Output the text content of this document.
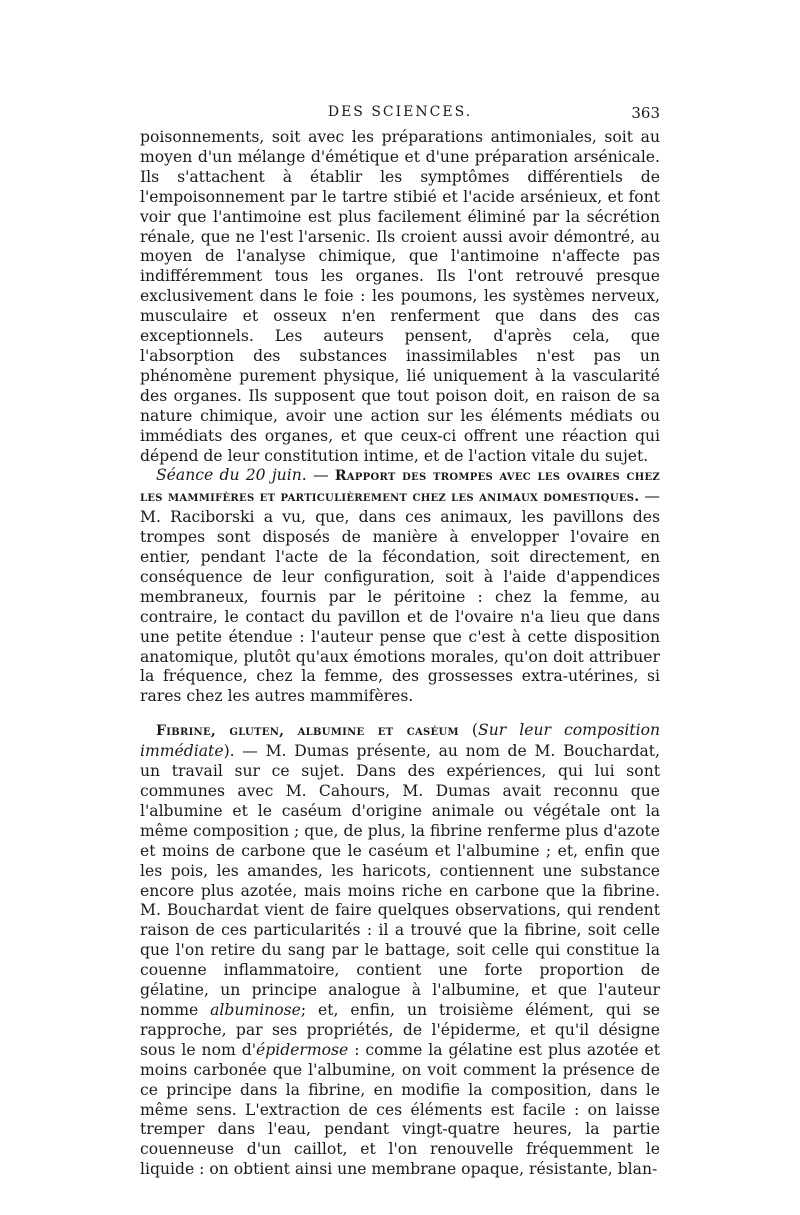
DES SCIENCES.	363

poisonnements, soit avec les préparations antimoniales, soit au moyen d'un mélange d'émétique et d'une préparation arsénicale. Ils s'attachent à établir les symptômes différentiels de l'empoisonnement par le tartre stibié et l'acide arsénieux, et font voir que l'antimoine est plus facilement éliminé par la sécrétion rénale, que ne l'est l'arsenic. Ils croient aussi avoir démontré, au moyen de l'analyse chimique, que l'antimoine n'affecte pas indifféremment tous les organes. Ils l'ont retrouvé presque exclusivement dans le foie : les poumons, les systèmes nerveux, musculaire et osseux n'en renferment que dans des cas exceptionnels. Les auteurs pensent, d'après cela, que l'absorption des substances inassimilables n'est pas un phénomène purement physique, lié uniquement à la vascularité des organes. Ils supposent que tout poison doit, en raison de sa nature chimique, avoir une action sur les éléments médiats ou immédiats des organes, et que ceux-ci offrent une réaction qui dépend de leur constitution intime, et de l'action vitale du sujet.

Séance du 20 juin. — Rapport des trompes avec les ovaires chez les mammifères et particulièrement chez les animaux domestiques. — M. Raciborski a vu, que, dans ces animaux, les pavillons des trompes sont disposés de manière à envelopper l'ovaire en entier, pendant l'acte de la fécondation, soit directement, en conséquence de leur configuration, soit à l'aide d'appendices membraneux, fournis par le péritoine : chez la femme, au contraire, le contact du pavillon et de l'ovaire n'a lieu que dans une petite étendue : l'auteur pense que c'est à cette disposition anatomique, plutôt qu'aux émotions morales, qu'on doit attribuer la fréquence, chez la femme, des grossesses extra-utérines, si rares chez les autres mammifères.

Fibrine, gluten, albumine et caséum (Sur leur composition immédiate). — M. Dumas présente, au nom de M. Bouchardat, un travail sur ce sujet. Dans des expériences, qui lui sont communes avec M. Cahours, M. Dumas avait reconnu que l'albumine et le caséum d'origine animale ou végétale ont la même composition ; que, de plus, la fibrine renferme plus d'azote et moins de carbone que le caséum et l'albumine ; et, enfin que les pois, les amandes, les haricots, contiennent une substance encore plus azotée, mais moins riche en carbone que la fibrine. M. Bouchardat vient de faire quelques observations, qui rendent raison de ces particularités : il a trouvé que la fibrine, soit celle que l'on retire du sang par le battage, soit celle qui constitue la couenne inflammatoire, contient une forte proportion de gélatine, un principe analogue à l'albumine, et que l'auteur nomme albuminose; et, enfin, un troisième élément, qui se rapproche, par ses propriétés, de l'épiderme, et qu'il désigne sous le nom d'épidermose : comme la gélatine est plus azotée et moins carbonée que l'albumine, on voit comment la présence de ce principe dans la fibrine, en modifie la composition, dans le même sens. L'extraction de ces éléments est facile : on laisse tremper dans l'eau, pendant vingt-quatre heures, la partie couenneuse d'un caillot, et l'on renouvelle fréquemment le liquide : on obtient ainsi une membrane opaque, résistante, blan-
